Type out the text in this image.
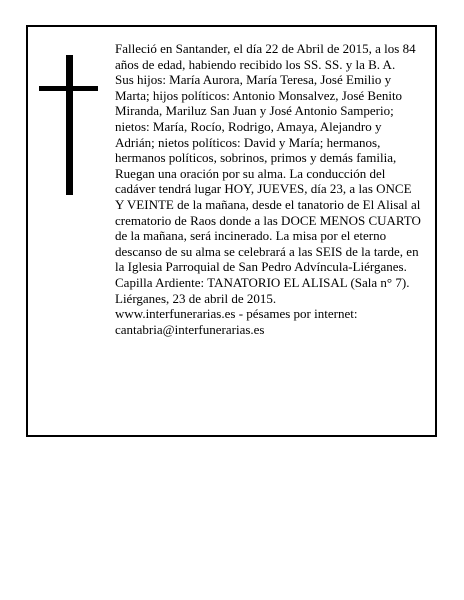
Falleció en Santander, el día 22 de Abril de 2015, a los 84 años de edad, habiendo recibido los SS. SS. y la B. A.

Sus hijos: María Aurora, María Teresa, José Emilio y Marta; hijos políticos: Antonio Monsalvez, José Benito Miranda, Mariluz San Juan y José Antonio Samperio; nietos: María, Rocío, Rodrigo, Amaya, Alejandro y Adrián; nietos políticos: David y María; hermanos, hermanos políticos, sobrinos, primos y demás familia,

Ruegan una oración por su alma. La conducción del cadáver tendrá lugar HOY, JUEVES, día 23, a las ONCE Y VEINTE de la mañana, desde el tanatorio de El Alisal al crematorio de Raos donde a las DOCE MENOS CUARTO de la mañana, será incinerado. La misa por el eterno descanso de su alma se celebrará a las SEIS de la tarde, en la Iglesia Parroquial de San Pedro Advíncula-Liérganes. Capilla Ardiente: TANATORIO EL ALISAL (Sala n° 7).

Liérganes, 23 de abril de 2015.

www.interfunerarias.es - pésames por internet: cantabria@interfunerarias.es
